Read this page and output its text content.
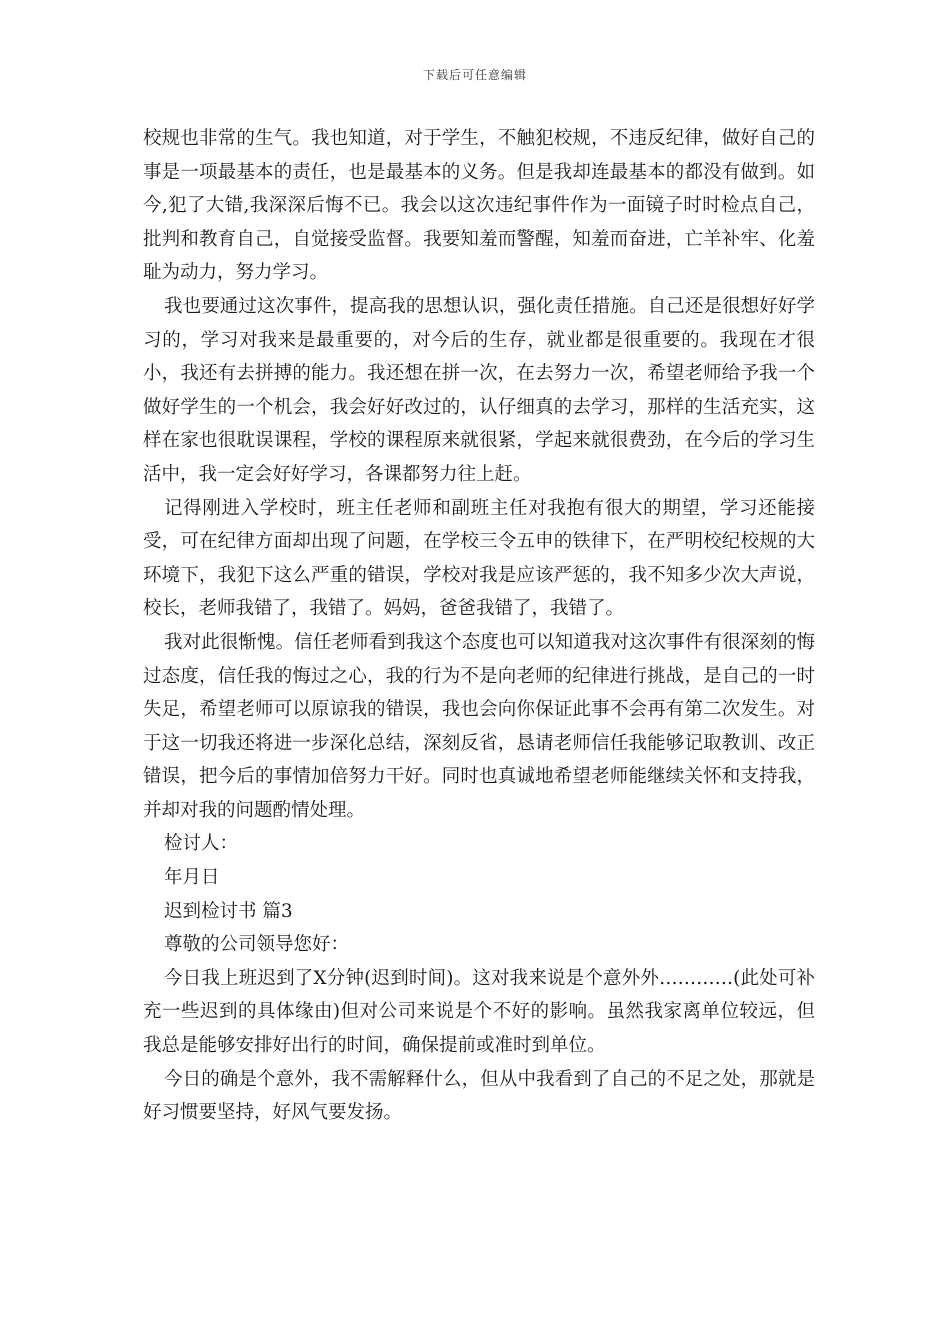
下载后可任意编辑

校规也非常的生气。我也知道，对于学生，不触犯校规，不违反纪律，做好自己的事是一项最基本的责任，也是最基本的义务。但是我却连最基本的都没有做到。如今,犯了大错,我深深后悔不已。我会以这次违纪事件作为一面镜子时时检点自己，批判和教育自己，自觉接受监督。我要知羞而警醒，知羞而奋进，亡羊补牢、化羞耻为动力，努力学习。

我也要通过这次事件，提高我的思想认识，强化责任措施。自己还是很想好好学习的，学习对我来是最重要的，对今后的生存，就业都是很重要的。我现在才很小，我还有去拼搏的能力。我还想在拼一次，在去努力一次，希望老师给予我一个做好学生的一个机会，我会好好改过的，认仔细真的去学习，那样的生活充实，这样在家也很耽误课程，学校的课程原来就很紧，学起来就很费劲，在今后的学习生活中，我一定会好好学习，各课都努力往上赶。

记得刚进入学校时，班主任老师和副班主任对我抱有很大的期望，学习还能接受，可在纪律方面却出现了问题，在学校三令五申的铁律下，在严明校纪校规的大环境下，我犯下这么严重的错误，学校对我是应该严惩的，我不知多少次大声说，校长，老师我错了，我错了。妈妈，爸爸我错了，我错了。

我对此很惭愧。信任老师看到我这个态度也可以知道我对这次事件有很深刻的悔过态度，信任我的悔过之心，我的行为不是向老师的纪律进行挑战，是自己的一时失足，希望老师可以原谅我的错误，我也会向你保证此事不会再有第二次发生。对于这一切我还将进一步深化总结，深刻反省，恳请老师信任我能够记取教训、改正错误，把今后的事情加倍努力干好。同时也真诚地希望老师能继续关怀和支持我，并却对我的问题酌情处理。

检讨人：

年月日

迟到检讨书 篇3

尊敬的公司领导您好：

今日我上班迟到了X分钟(迟到时间)。这对我来说是个意外外…………(此处可补充一些迟到的具体缘由)但对公司来说是个不好的影响。虽然我家离单位较远，但我总是能够安排好出行的时间，确保提前或准时到单位。

今日的确是个意外，我不需解释什么，但从中我看到了自己的不足之处，那就是好习惯要坚持，好风气要发扬。
